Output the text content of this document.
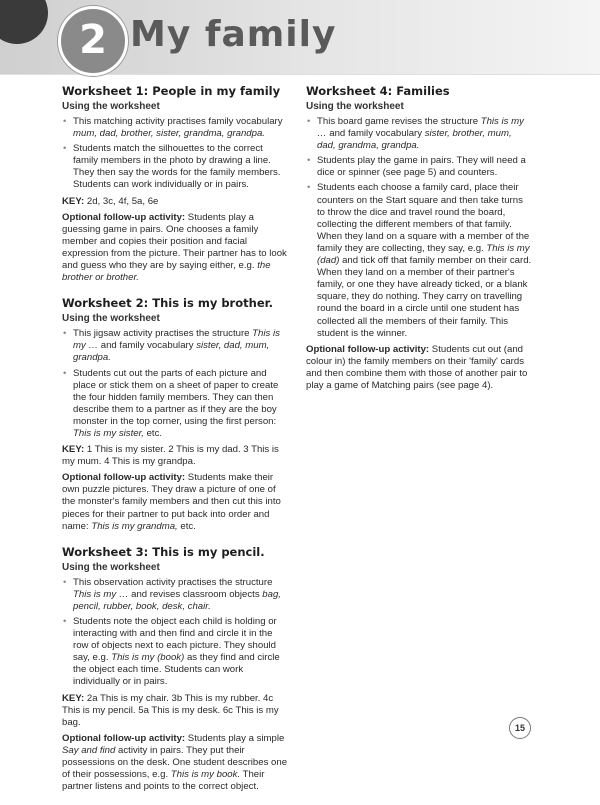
2 My family
Worksheet 1: People in my family
Using the worksheet
• This matching activity practises family vocabulary mum, dad, brother, sister, grandma, grandpa.
• Students match the silhouettes to the correct family members in the photo by drawing a line. They then say the words for the family members. Students can work individually or in pairs.

KEY: 2d, 3c, 4f, 5a, 6e

Optional follow-up activity: Students play a guessing game in pairs. One chooses a family member and copies their position and facial expression from the picture. Their partner has to look and guess who they are by saying either, e.g. the brother or brother.

Worksheet 2: This is my brother.
Using the worksheet
• This jigsaw activity practises the structure This is my … and family vocabulary sister, dad, mum, grandpa.
• Students cut out the parts of each picture and place or stick them on a sheet of paper to create the four hidden family members. They can then describe them to a partner as if they are the boy monster in the top corner, using the first person: This is my sister, etc.

KEY: 1 This is my sister. 2 This is my dad. 3 This is my mum. 4 This is my grandpa.

Optional follow-up activity: Students make their own puzzle pictures. They draw a picture of one of the monster's family members and then cut this into pieces for their partner to put back into order and name: This is my grandma, etc.

Worksheet 3: This is my pencil.
Using the worksheet
• This observation activity practises the structure This is my … and revises classroom objects bag, pencil, rubber, book, desk, chair.
• Students note the object each child is holding or interacting with and then find and circle it in the row of objects next to each picture. They should say, e.g. This is my (book) as they find and circle the object each time. Students can work individually or in pairs.

KEY: 2a This is my chair. 3b This is my rubber. 4c This is my pencil. 5a This is my desk. 6c This is my bag.

Optional follow-up activity: Students play a simple Say and find activity in pairs. They put their possessions on the desk. One student describes one of their possessions, e.g. This is my book. Their partner listens and points to the correct object.

Worksheet 4: Families
Using the worksheet
• This board game revises the structure This is my … and family vocabulary sister, brother, mum, dad, grandma, grandpa.
• Students play the game in pairs. They will need a dice or spinner (see page 5) and counters.
• Students each choose a family card, place their counters on the Start square and then take turns to throw the dice and travel round the board, collecting the different members of that family. When they land on a square with a member of the family they are collecting, they say, e.g. This is my (dad) and tick off that family member on their card. When they land on a member of their partner's family, or one they have already ticked, or a blank square, they do nothing. They carry on travelling round the board in a circle until one student has collected all the members of their family. This student is the winner.

Optional follow-up activity: Students cut out (and colour in) the family members on their 'family' cards and then combine them with those of another pair to play a game of Matching pairs (see page 4).

15
